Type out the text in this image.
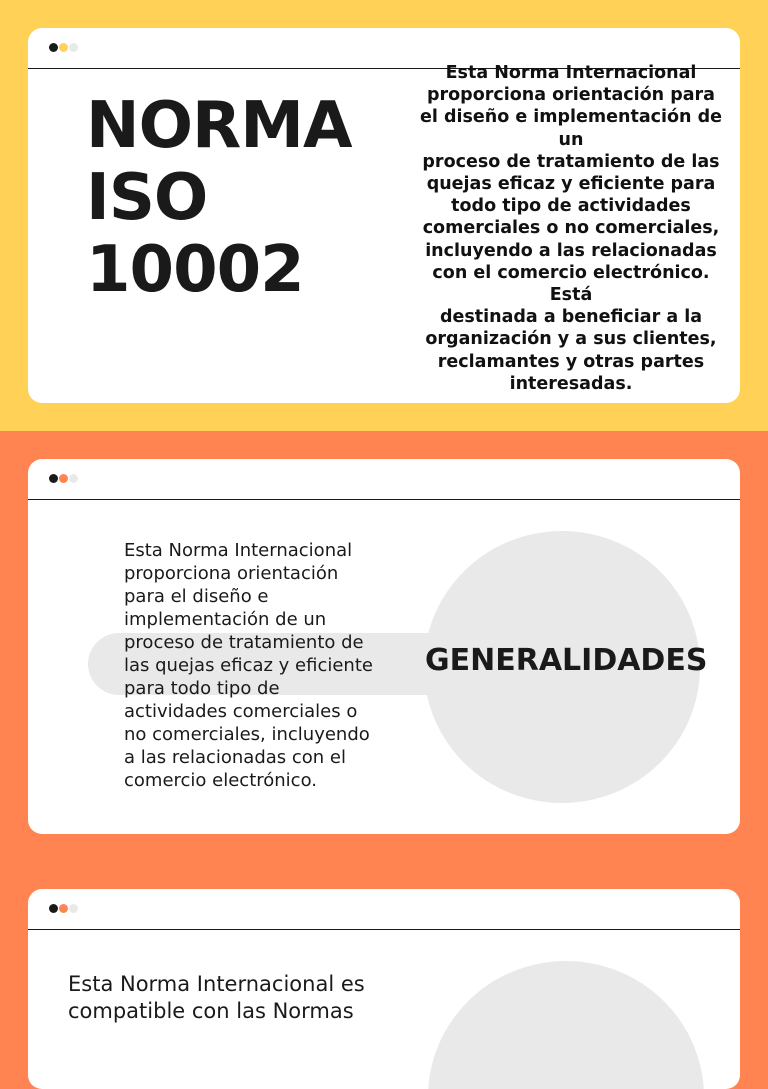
NORMA
ISO
10002
Esta Norma Internacional
proporciona orientación para
el diseño e implementación de
un
proceso de tratamiento de las
quejas eficaz y eficiente para
todo tipo de actividades
comerciales o no comerciales,
incluyendo a las relacionadas
con el comercio electrónico.
Está
destinada a beneficiar a la
organización y a sus clientes,
reclamantes y otras partes
interesadas.
GENERALIDADES
Esta Norma Internacional
proporciona orientación
para el diseño e
implementación de un
proceso de tratamiento de
las quejas eficaz y eficiente
para todo tipo de
actividades comerciales o
no comerciales, incluyendo
a las relacionadas con el
comercio electrónico.
Esta Norma Internacional es
compatible con las Normas
